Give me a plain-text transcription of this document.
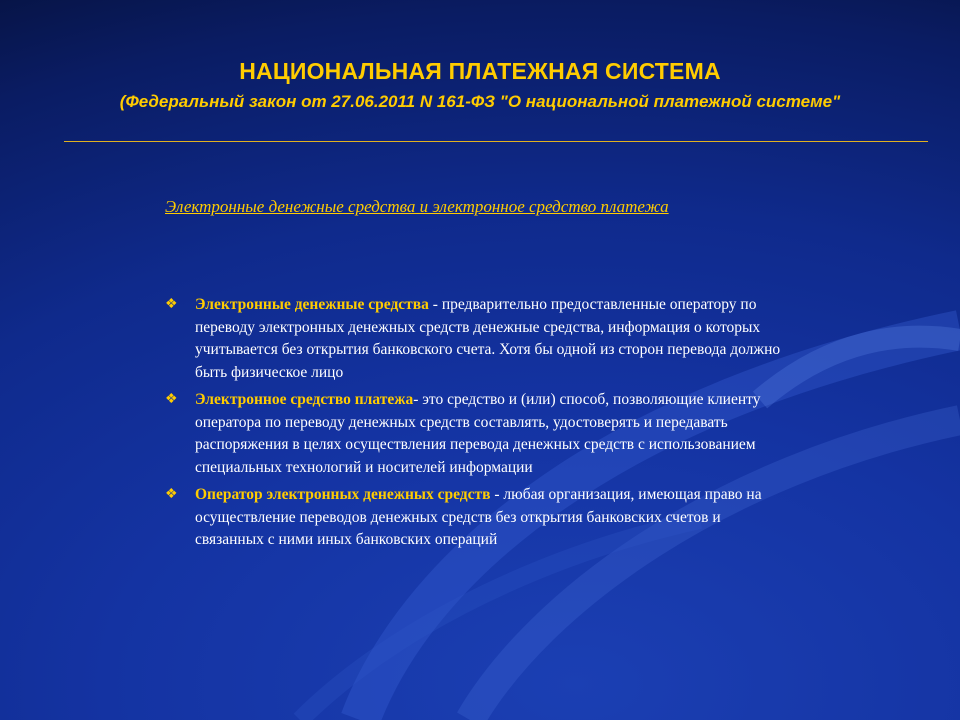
НАЦИОНАЛЬНАЯ ПЛАТЕЖНАЯ СИСТЕМА
(Федеральный закон от 27.06.2011 N 161-ФЗ "О национальной платежной системе"
Электронные денежные средства и электронное средство платежа
❖ Электронные денежные средства - предварительно предоставленные оператору по переводу электронных денежных средств денежные средства, информация о которых учитывается без открытия банковского счета. Хотя бы одной из сторон перевода должно быть физическое лицо
❖ Электронное средство платежа- это средство и (или) способ, позволяющие клиенту оператора по переводу денежных средств составлять, удостоверять и передавать распоряжения в целях осуществления перевода денежных средств с использованием специальных технологий и носителей информации
❖ Оператор электронных денежных средств - любая организация, имеющая право на осуществление переводов денежных средств без открытия банковских счетов и связанных с ними иных банковских операций
